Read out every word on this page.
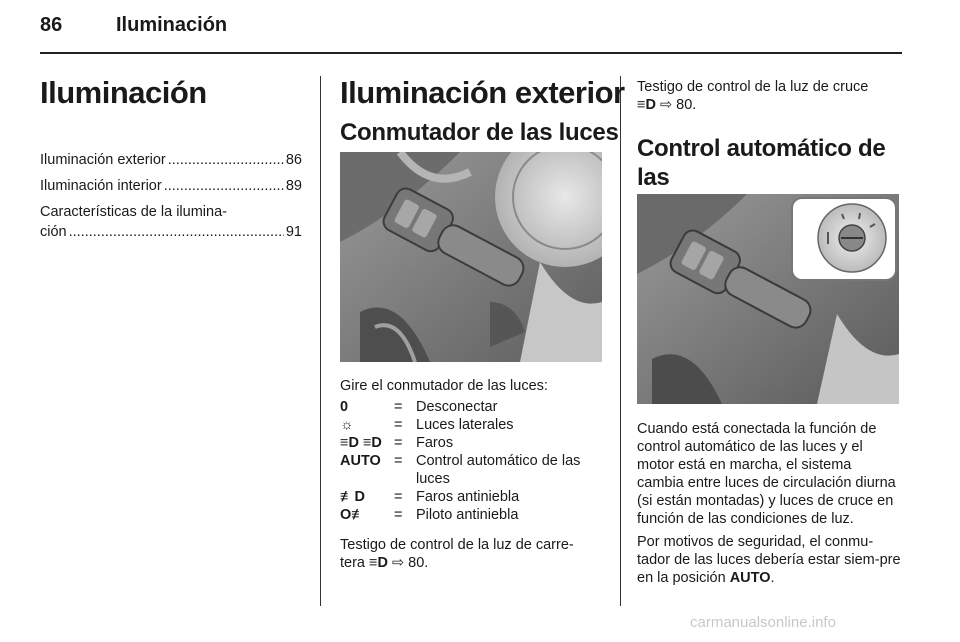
86	Iluminación
Iluminación
Iluminación exterior .....	86
Iluminación interior .....	89
Características de la ilumina-
ción .....	91
Iluminación exterior
Conmutador de las luces

Gire el conmutador de las luces:

0	= Desconectar
☼	= Luces laterales
≡D ≡D = Faros
AUTO = Control automático de las luces
≢D	= Faros antiniebla
O≢	= Piloto antiniebla

Testigo de control de la luz de carre-

tera ≡D ⇨ 80.

Testigo de control de la luz de cruce

≡D ⇨ 80.

Control automático de las

Cuando está conectada la función de control automático de las luces y el motor está en marcha, el sistema cambia entre luces de circulación diurna (si están montadas) y luces de cruce en función de las condiciones de luz.

Por motivos de seguridad, el conmu-tador de las luces debería estar siem-pre en la posición AUTO.

carmanualsonline.info
